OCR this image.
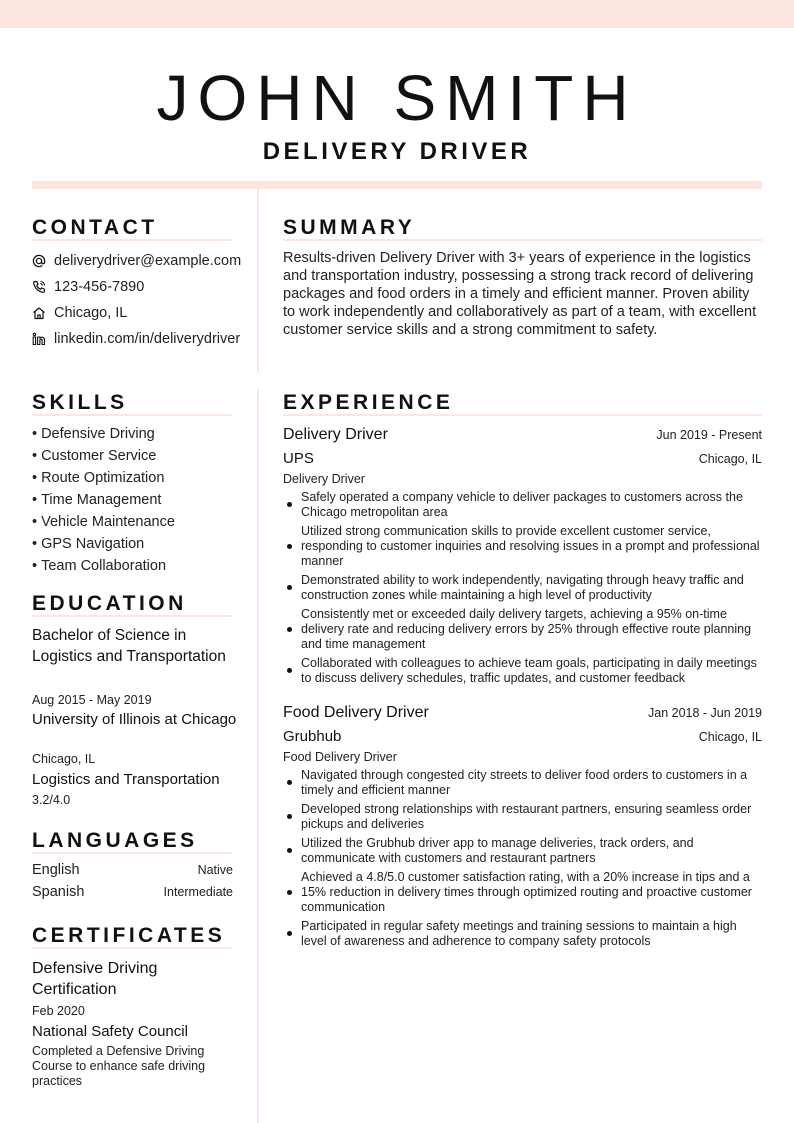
JOHN SMITH
DELIVERY DRIVER
CONTACT
deliverydriver@example.com
123-456-7890
Chicago, IL
linkedin.com/in/deliverydriver
SUMMARY

Results-driven Delivery Driver with 3+ years of experience in the logistics and transportation industry, possessing a strong track record of delivering packages and food orders in a timely and efficient manner. Proven ability to work independently and collaboratively as part of a team, with excellent customer service skills and a strong commitment to safety.

SKILLS
• Defensive Driving
• Customer Service
• Route Optimization
• Time Management
• Vehicle Maintenance
• GPS Navigation
• Team Collaboration
EDUCATION
Bachelor of Science in Logistics and Transportation
Aug 2015 - May 2019
University of Illinois at Chicago
Chicago, IL
Logistics and Transportation
3.2/4.0
LANGUAGES
English	Native
Spanish	Intermediate
CERTIFICATES
Defensive Driving Certification
Feb 2020
National Safety Council
Completed a Defensive Driving Course to enhance safe driving practices
EXPERIENCE
Delivery Driver	Jun 2019 - Present
UPS	Chicago, IL
Delivery Driver
Safely operated a company vehicle to deliver packages to customers across the Chicago metropolitan area
Utilized strong communication skills to provide excellent customer service, responding to customer inquiries and resolving issues in a prompt and professional manner
Demonstrated ability to work independently, navigating through heavy traffic and construction zones while maintaining a high level of productivity
Consistently met or exceeded daily delivery targets, achieving a 95% on-time delivery rate and reducing delivery errors by 25% through effective route planning and time management
Collaborated with colleagues to achieve team goals, participating in daily meetings to discuss delivery schedules, traffic updates, and customer feedback
Food Delivery Driver	Jan 2018 - Jun 2019
Grubhub	Chicago, IL
Food Delivery Driver
Navigated through congested city streets to deliver food orders to customers in a timely and efficient manner
Developed strong relationships with restaurant partners, ensuring seamless order pickups and deliveries
Utilized the Grubhub driver app to manage deliveries, track orders, and communicate with customers and restaurant partners
Achieved a 4.8/5.0 customer satisfaction rating, with a 20% increase in tips and a 15% reduction in delivery times through optimized routing and proactive customer communication
Participated in regular safety meetings and training sessions to maintain a high level of awareness and adherence to company safety protocols
